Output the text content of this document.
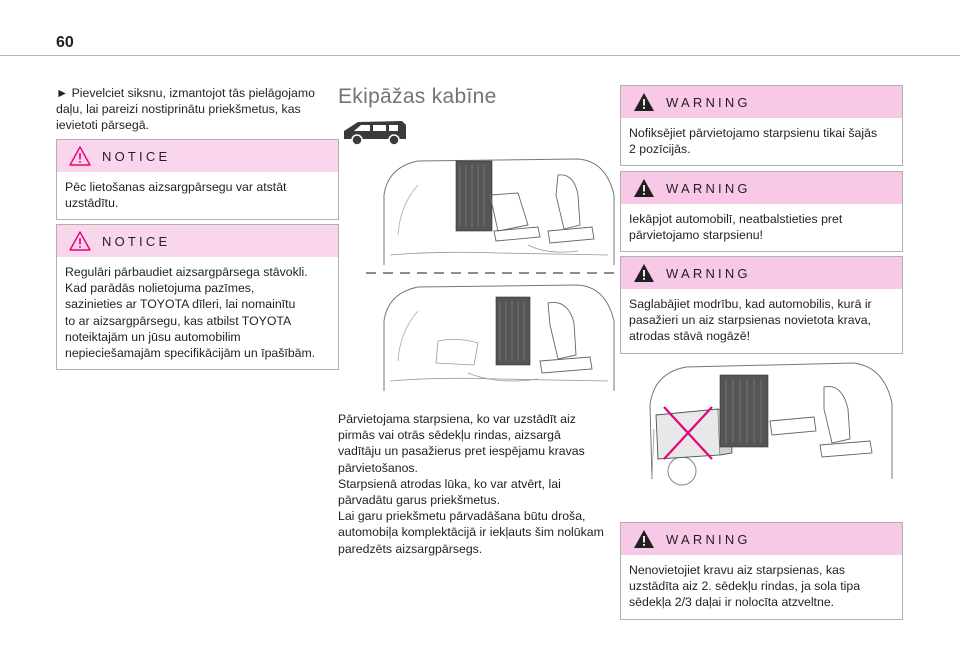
60

► Pievelciet siksnu, izmantojot tās pielāgojamo daļu, lai pareizi nostiprinātu priekšmetus, kas ievietoti pārsegā.

NOTICE
Pēc lietošanas aizsargpārsegu var atstāt
uzstādītu.
NOTICE
Regulāri pārbaudiet aizsargpārsega stāvokli.
Kad parādās nolietojuma pazīmes,
sazinieties ar TOYOTA dīleri, lai nomainītu
to ar aizsargpārsegu, kas atbilst TOYOTA
noteiktajām un jūsu automobilim
nepieciešamajām specifikācijām un īpašībām.
Ekipāžas kabīne

Pārvietojama starpsiena, ko var uzstādīt aiz
pirmās vai otrās sēdekļu rindas, aizsargā
vadītāju un pasažierus pret iespējamu kravas
pārvietošanos.
Starpsienā atrodas lūka, ko var atvērt, lai
pārvadātu garus priekšmetus.
Lai garu priekšmetu pārvadāšana būtu droša,
automobiļa komplektācijā ir iekļauts šim nolūkam
paredzēts aizsargpārsegs.

WARNING
Nofiksējiet pārvietojamo starpsienu tikai šajās
2 pozīcijās.
WARNING
Iekāpjot automobilī, neatbalstieties pret
pārvietojamo starpsienu!
WARNING
Saglabājiet modrību, kad automobilis, kurā ir
pasažieri un aiz starpsienas novietota krava,
atrodas stāvā nogāzē!
WARNING
Nenovietojiet kravu aiz starpsienas, kas
uzstādīta aiz 2. sēdekļu rindas, ja sola tipa
sēdekļa 2/3 daļai ir nolocīta atzveltne.
